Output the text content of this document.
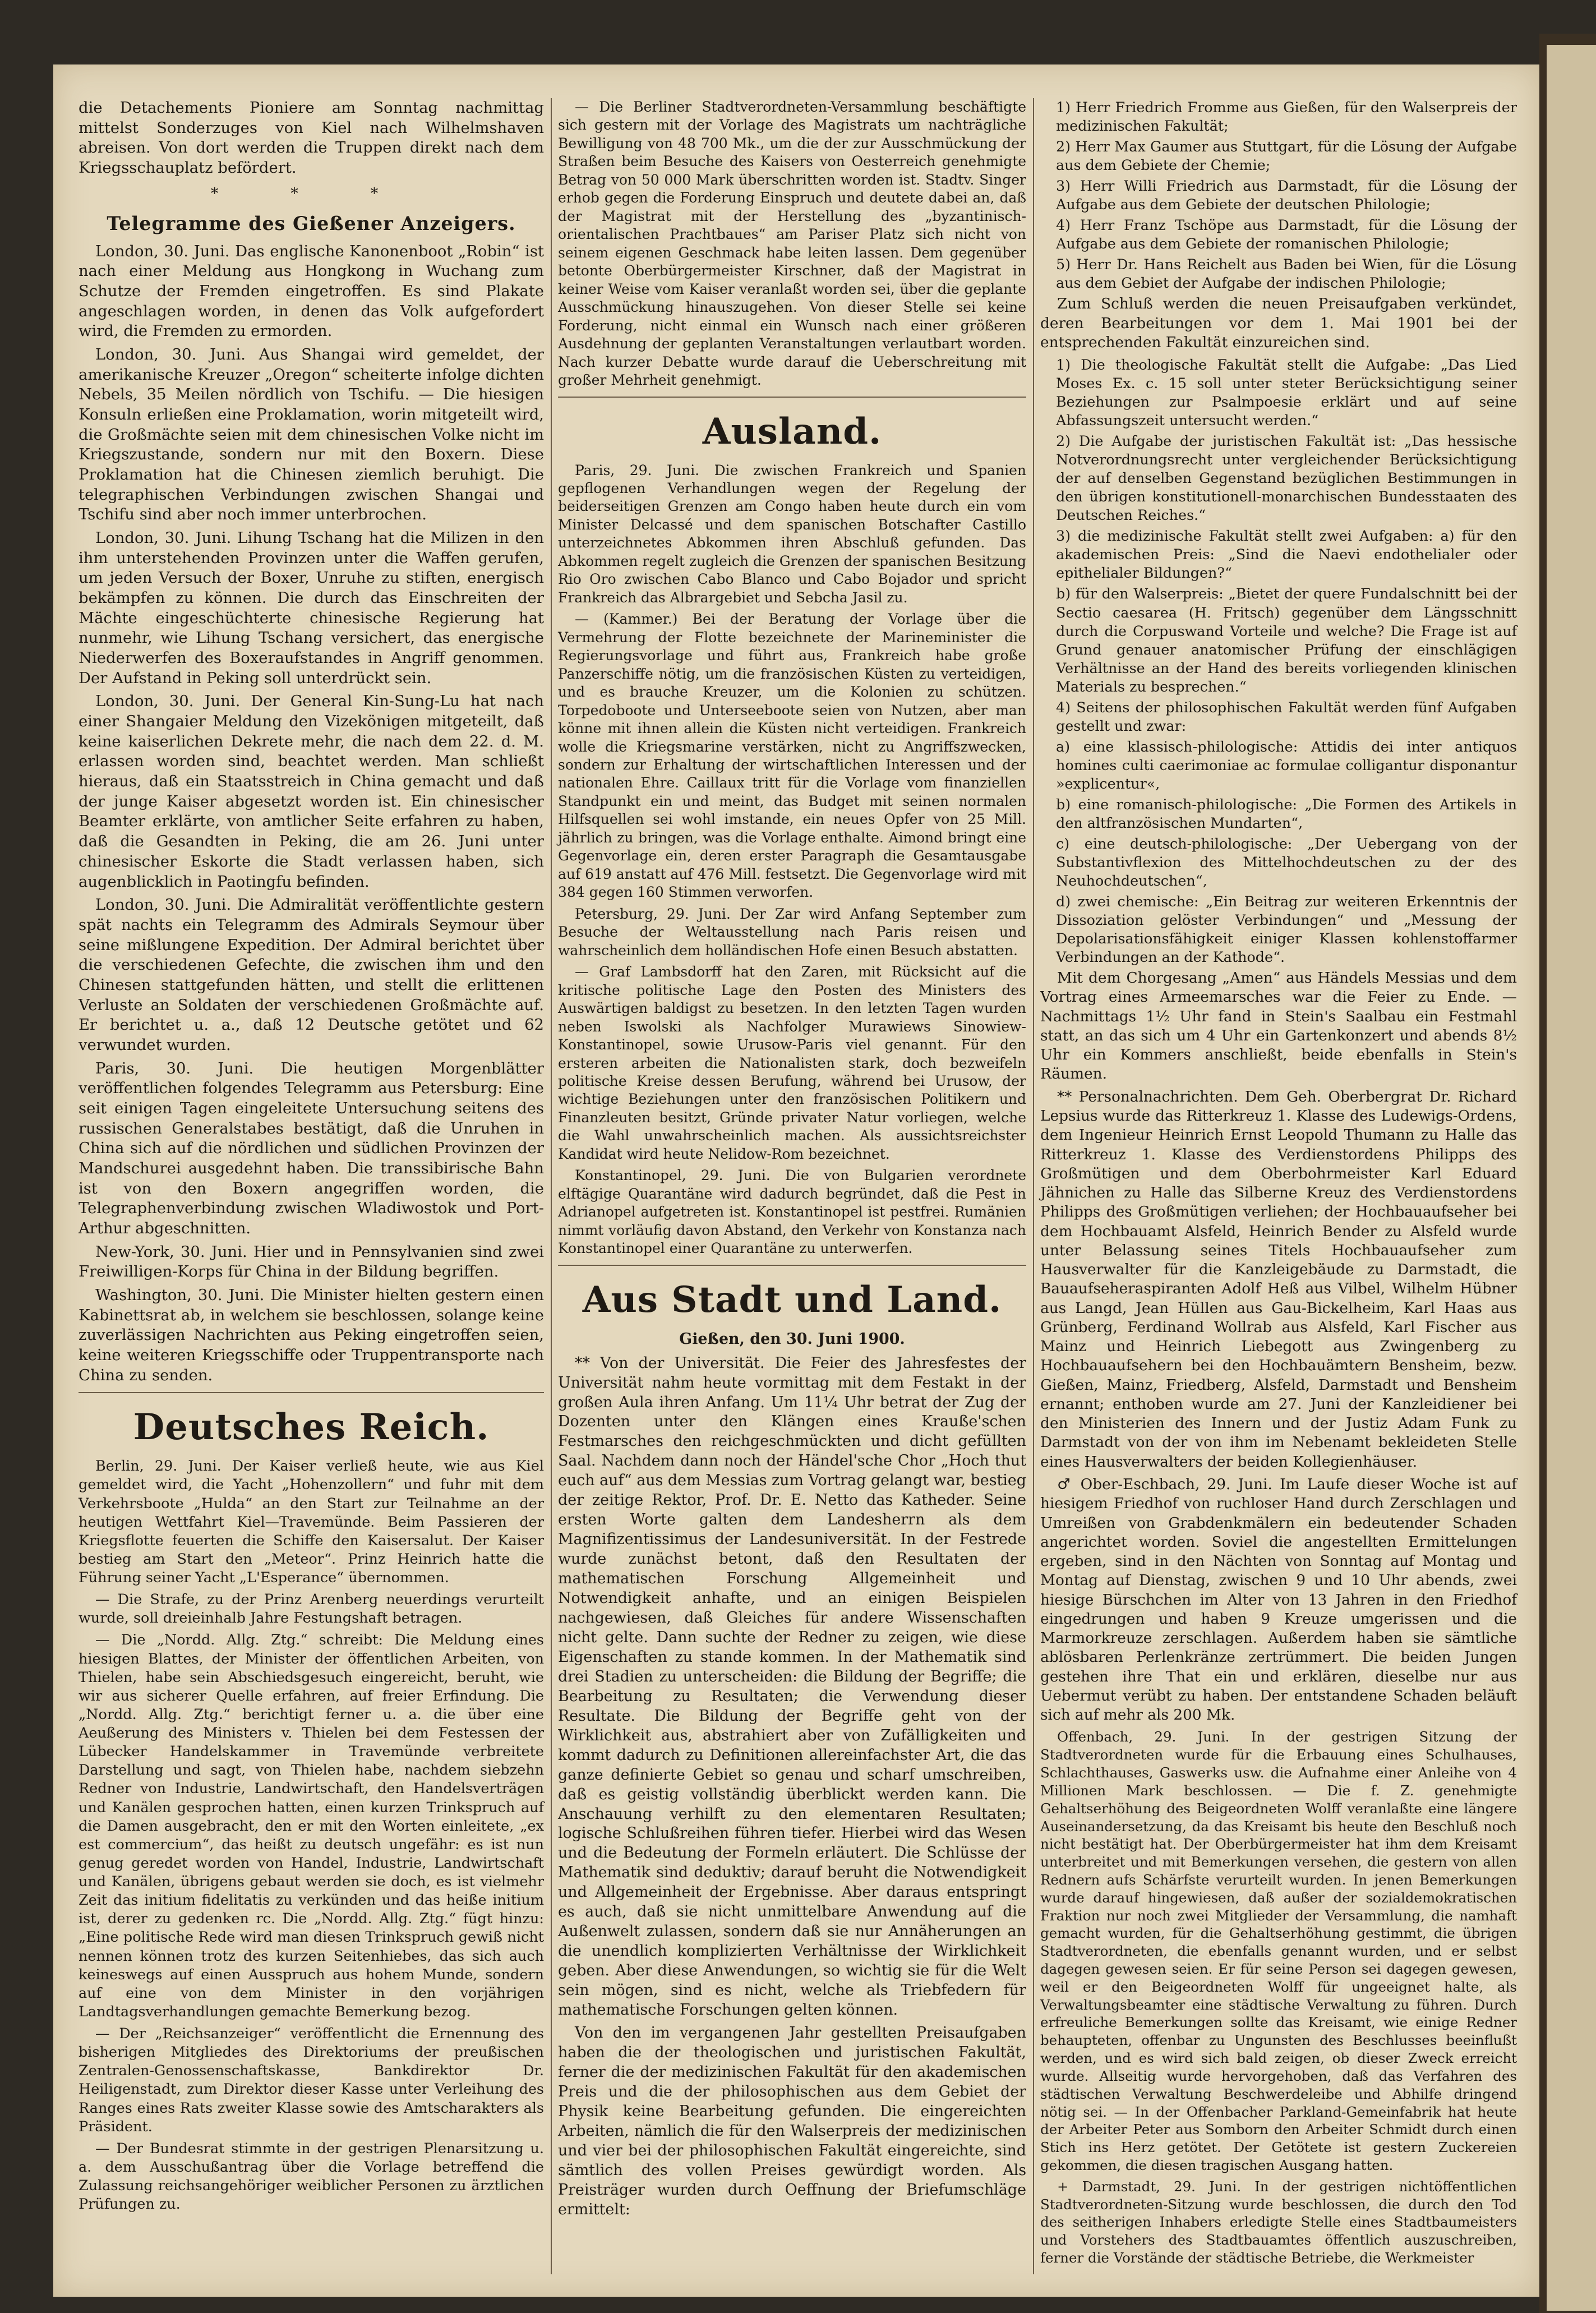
die Detachements Pioniere am Sonntag nachmittag mittelst Sonderzuges von Kiel nach Wilhelmshaven abreisen. Von dort werden die Truppen direkt nach dem Kriegsschauplatz befördert.

* * *
Telegramme des Gießener Anzeigers.

London, 30. Juni. Das englische Kanonenboot „Robin“ ist nach einer Meldung aus Hongkong in Wuchang zum Schutze der Fremden eingetroffen. Es sind Plakate angeschlagen worden, in denen das Volk aufgefordert wird, die Fremden zu ermorden.

London, 30. Juni. Aus Shangai wird gemeldet, der amerikanische Kreuzer „Oregon“ scheiterte infolge dichten Nebels, 35 Meilen nördlich von Tschifu. — Die hiesigen Konsuln erließen eine Proklamation, worin mitgeteilt wird, die Großmächte seien mit dem chinesischen Volke nicht im Kriegszustande, sondern nur mit den Boxern. Diese Proklamation hat die Chinesen ziemlich beruhigt. Die telegraphischen Verbindungen zwischen Shangai und Tschifu sind aber noch immer unterbrochen.

London, 30. Juni. Lihung Tschang hat die Milizen in den ihm unterstehenden Provinzen unter die Waffen gerufen, um jeden Versuch der Boxer, Unruhe zu stiften, energisch bekämpfen zu können. Die durch das Einschreiten der Mächte eingeschüchterte chinesische Regierung hat nunmehr, wie Lihung Tschang versichert, das energische Niederwerfen des Boxeraufstandes in Angriff genommen. Der Aufstand in Peking soll unterdrückt sein.

London, 30. Juni. Der General Kin-Sung-Lu hat nach einer Shangaier Meldung den Vizekönigen mitgeteilt, daß keine kaiserlichen Dekrete mehr, die nach dem 22. d. M. erlassen worden sind, beachtet werden. Man schließt hieraus, daß ein Staatsstreich in China gemacht und daß der junge Kaiser abgesetzt worden ist. Ein chinesischer Beamter erklärte, von amtlicher Seite erfahren zu haben, daß die Gesandten in Peking, die am 26. Juni unter chinesischer Eskorte die Stadt verlassen haben, sich augenblicklich in Paotingfu befinden.

London, 30. Juni. Die Admiralität veröffentlichte gestern spät nachts ein Telegramm des Admirals Seymour über seine mißlungene Expedition. Der Admiral berichtet über die verschiedenen Gefechte, die zwischen ihm und den Chinesen stattgefunden hätten, und stellt die erlittenen Verluste an Soldaten der verschiedenen Großmächte auf. Er berichtet u. a., daß 12 Deutsche getötet und 62 verwundet wurden.

Paris, 30. Juni. Die heutigen Morgenblätter veröffentlichen folgendes Telegramm aus Petersburg: Eine seit einigen Tagen eingeleitete Untersuchung seitens des russischen Generalstabes bestätigt, daß die Unruhen in China sich auf die nördlichen und südlichen Provinzen der Mandschurei ausgedehnt haben. Die transsibirische Bahn ist von den Boxern angegriffen worden, die Telegraphenverbindung zwischen Wladiwostok und Port-Arthur abgeschnitten.

New-York, 30. Juni. Hier und in Pennsylvanien sind zwei Freiwilligen-Korps für China in der Bildung begriffen.

Washington, 30. Juni. Die Minister hielten gestern einen Kabinettsrat ab, in welchem sie beschlossen, solange keine zuverlässigen Nachrichten aus Peking eingetroffen seien, keine weiteren Kriegsschiffe oder Truppentransporte nach China zu senden.

Deutsches Reich.

Berlin, 29. Juni. Der Kaiser verließ heute, wie aus Kiel gemeldet wird, die Yacht „Hohenzollern“ und fuhr mit dem Verkehrsboote „Hulda“ an den Start zur Teilnahme an der heutigen Wettfahrt Kiel—Travemünde. Beim Passieren der Kriegsflotte feuerten die Schiffe den Kaisersalut. Der Kaiser bestieg am Start den „Meteor“. Prinz Heinrich hatte die Führung seiner Yacht „L'Esperance“ übernommen.

— Die Strafe, zu der Prinz Arenberg neuerdings verurteilt wurde, soll dreieinhalb Jahre Festungshaft betragen.

— Die „Nordd. Allg. Ztg.“ schreibt: Die Meldung eines hiesigen Blattes, der Minister der öffentlichen Arbeiten, von Thielen, habe sein Abschiedsgesuch eingereicht, beruht, wie wir aus sicherer Quelle erfahren, auf freier Erfindung. Die „Nordd. Allg. Ztg.“ berichtigt ferner u. a. die über eine Aeußerung des Ministers v. Thielen bei dem Festessen der Lübecker Handelskammer in Travemünde verbreitete Darstellung und sagt, von Thielen habe, nachdem siebzehn Redner von Industrie, Landwirtschaft, den Handelsverträgen und Kanälen gesprochen hatten, einen kurzen Trinkspruch auf die Damen ausgebracht, den er mit den Worten einleitete, „ex est commercium“, das heißt zu deutsch ungefähr: es ist nun genug geredet worden von Handel, Industrie, Landwirtschaft und Kanälen, übrigens gebaut werden sie doch, es ist vielmehr Zeit das initium fidelitatis zu verkünden und das heiße initium ist, derer zu gedenken rc. Die „Nordd. Allg. Ztg.“ fügt hinzu: „Eine politische Rede wird man diesen Trinkspruch gewiß nicht nennen können trotz des kurzen Seitenhiebes, das sich auch keineswegs auf einen Ausspruch aus hohem Munde, sondern auf eine von dem Minister in den vorjährigen Landtagsverhandlungen gemachte Bemerkung bezog.

— Der „Reichsanzeiger“ veröffentlicht die Ernennung des bisherigen Mitgliedes des Direktoriums der preußischen Zentralen-Genossenschaftskasse, Bankdirektor Dr. Heiligenstadt, zum Direktor dieser Kasse unter Verleihung des Ranges eines Rats zweiter Klasse sowie des Amtscharakters als Präsident.

— Der Bundesrat stimmte in der gestrigen Plenarsitzung u. a. dem Ausschußantrag über die Vorlage betreffend die Zulassung reichsangehöriger weiblicher Personen zu ärztlichen Prüfungen zu.

— Die Berliner Stadtverordneten-Versammlung beschäftigte sich gestern mit der Vorlage des Magistrats um nachträgliche Bewilligung von 48 700 Mk., um die der zur Ausschmückung der Straßen beim Besuche des Kaisers von Oesterreich genehmigte Betrag von 50 000 Mark überschritten worden ist. Stadtv. Singer erhob gegen die Forderung Einspruch und deutete dabei an, daß der Magistrat mit der Herstellung des „byzantinisch-orientalischen Prachtbaues“ am Pariser Platz sich nicht von seinem eigenen Geschmack habe leiten lassen. Dem gegenüber betonte Oberbürgermeister Kirschner, daß der Magistrat in keiner Weise vom Kaiser veranlaßt worden sei, über die geplante Ausschmückung hinauszugehen. Von dieser Stelle sei keine Forderung, nicht einmal ein Wunsch nach einer größeren Ausdehnung der geplanten Veranstaltungen verlautbart worden. Nach kurzer Debatte wurde darauf die Ueberschreitung mit großer Mehrheit genehmigt.

Ausland.

Paris, 29. Juni. Die zwischen Frankreich und Spanien gepflogenen Verhandlungen wegen der Regelung der beiderseitigen Grenzen am Congo haben heute durch ein vom Minister Delcassé und dem spanischen Botschafter Castillo unterzeichnetes Abkommen ihren Abschluß gefunden. Das Abkommen regelt zugleich die Grenzen der spanischen Besitzung Rio Oro zwischen Cabo Blanco und Cabo Bojador und spricht Frankreich das Albrargebiet und Sebcha Jasil zu.

— (Kammer.) Bei der Beratung der Vorlage über die Vermehrung der Flotte bezeichnete der Marineminister die Regierungsvorlage und führt aus, Frankreich habe große Panzerschiffe nötig, um die französischen Küsten zu verteidigen, und es brauche Kreuzer, um die Kolonien zu schützen. Torpedoboote und Unterseeboote seien von Nutzen, aber man könne mit ihnen allein die Küsten nicht verteidigen. Frankreich wolle die Kriegsmarine verstärken, nicht zu Angriffszwecken, sondern zur Erhaltung der wirtschaftlichen Interessen und der nationalen Ehre. Caillaux tritt für die Vorlage vom finanziellen Standpunkt ein und meint, das Budget mit seinen normalen Hilfsquellen sei wohl imstande, ein neues Opfer von 25 Mill. jährlich zu bringen, was die Vorlage enthalte. Aimond bringt eine Gegenvorlage ein, deren erster Paragraph die Gesamtausgabe auf 619 anstatt auf 476 Mill. festsetzt. Die Gegenvorlage wird mit 384 gegen 160 Stimmen verworfen.

Petersburg, 29. Juni. Der Zar wird Anfang September zum Besuche der Weltausstellung nach Paris reisen und wahrscheinlich dem holländischen Hofe einen Besuch abstatten.

— Graf Lambsdorff hat den Zaren, mit Rücksicht auf die kritische politische Lage den Posten des Ministers des Auswärtigen baldigst zu besetzen. In den letzten Tagen wurden neben Iswolski als Nachfolger Murawiews Sinowiew-Konstantinopel, sowie Urusow-Paris viel genannt. Für den ersteren arbeiten die Nationalisten stark, doch bezweifeln politische Kreise dessen Berufung, während bei Urusow, der wichtige Beziehungen unter den französischen Politikern und Finanzleuten besitzt, Gründe privater Natur vorliegen, welche die Wahl unwahrscheinlich machen. Als aussichtsreichster Kandidat wird heute Nelidow-Rom bezeichnet.

Konstantinopel, 29. Juni. Die von Bulgarien verordnete elftägige Quarantäne wird dadurch begründet, daß die Pest in Adrianopel aufgetreten ist. Konstantinopel ist pestfrei. Rumänien nimmt vorläufig davon Abstand, den Verkehr von Konstanza nach Konstantinopel einer Quarantäne zu unterwerfen.

Aus Stadt und Land.
Gießen, den 30. Juni 1900.

** Von der Universität. Die Feier des Jahresfestes der Universität nahm heute vormittag mit dem Festakt in der großen Aula ihren Anfang. Um 11¼ Uhr betrat der Zug der Dozenten unter den Klängen eines Krauße'schen Festmarsches den reichgeschmückten und dicht gefüllten Saal. Nachdem dann noch der Händel'sche Chor „Hoch thut euch auf“ aus dem Messias zum Vortrag gelangt war, bestieg der zeitige Rektor, Prof. Dr. E. Netto das Katheder. Seine ersten Worte galten dem Landesherrn als dem Magnifizentissimus der Landesuniversität. In der Festrede wurde zunächst betont, daß den Resultaten der mathematischen Forschung Allgemeinheit und Notwendigkeit anhafte, und an einigen Beispielen nachgewiesen, daß Gleiches für andere Wissenschaften nicht gelte. Dann suchte der Redner zu zeigen, wie diese Eigenschaften zu stande kommen. In der Mathematik sind drei Stadien zu unterscheiden: die Bildung der Begriffe; die Bearbeitung zu Resultaten; die Verwendung dieser Resultate. Die Bildung der Begriffe geht von der Wirklichkeit aus, abstrahiert aber von Zufälligkeiten und kommt dadurch zu Definitionen allereinfachster Art, die das ganze definierte Gebiet so genau und scharf umschreiben, daß es geistig vollständig überblickt werden kann. Die Anschauung verhilft zu den elementaren Resultaten; logische Schlußreihen führen tiefer. Hierbei wird das Wesen und die Bedeutung der Formeln erläutert. Die Schlüsse der Mathematik sind deduktiv; darauf beruht die Notwendigkeit und Allgemeinheit der Ergebnisse. Aber daraus entspringt es auch, daß sie nicht unmittelbare Anwendung auf die Außenwelt zulassen, sondern daß sie nur Annäherungen an die unendlich komplizierten Verhältnisse der Wirklichkeit geben. Aber diese Anwendungen, so wichtig sie für die Welt sein mögen, sind es nicht, welche als Triebfedern für mathematische Forschungen gelten können.

Von den im vergangenen Jahr gestellten Preisaufgaben haben die der theologischen und juristischen Fakultät, ferner die der medizinischen Fakultät für den akademischen Preis und die der philosophischen aus dem Gebiet der Physik keine Bearbeitung gefunden. Die eingereichten Arbeiten, nämlich die für den Walserpreis der medizinischen und vier bei der philosophischen Fakultät eingereichte, sind sämtlich des vollen Preises gewürdigt worden. Als Preisträger wurden durch Oeffnung der Briefumschläge ermittelt:

1) Herr Friedrich Fromme aus Gießen, für den Walserpreis der medizinischen Fakultät;

2) Herr Max Gaumer aus Stuttgart, für die Lösung der Aufgabe aus dem Gebiete der Chemie;

3) Herr Willi Friedrich aus Darmstadt, für die Lösung der Aufgabe aus dem Gebiete der deutschen Philologie;

4) Herr Franz Tschöpe aus Darmstadt, für die Lösung der Aufgabe aus dem Gebiete der romanischen Philologie;

5) Herr Dr. Hans Reichelt aus Baden bei Wien, für die Lösung aus dem Gebiet der Aufgabe der indischen Philologie;

Zum Schluß werden die neuen Preisaufgaben verkündet, deren Bearbeitungen vor dem 1. Mai 1901 bei der entsprechenden Fakultät einzureichen sind.

1) Die theologische Fakultät stellt die Aufgabe: „Das Lied Moses Ex. c. 15 soll unter steter Berücksichtigung seiner Beziehungen zur Psalmpoesie erklärt und auf seine Abfassungszeit untersucht werden.“

2) Die Aufgabe der juristischen Fakultät ist: „Das hessische Notverordnungsrecht unter vergleichender Berücksichtigung der auf denselben Gegenstand bezüglichen Bestimmungen in den übrigen konstitutionell-monarchischen Bundesstaaten des Deutschen Reiches.“

3) die medizinische Fakultät stellt zwei Aufgaben: a) für den akademischen Preis: „Sind die Naevi endothelialer oder epithelialer Bildungen?“

b) für den Walserpreis: „Bietet der quere Fundalschnitt bei der Sectio caesarea (H. Fritsch) gegenüber dem Längsschnitt durch die Corpuswand Vorteile und welche? Die Frage ist auf Grund genauer anatomischer Prüfung der einschlägigen Verhältnisse an der Hand des bereits vorliegenden klinischen Materials zu besprechen.“

4) Seitens der philosophischen Fakultät werden fünf Aufgaben gestellt und zwar:

a) eine klassisch-philologische: Attidis dei inter antiquos homines culti caerimoniae ac formulae colligantur disponantur »explicentur«,

b) eine romanisch-philologische: „Die Formen des Artikels in den altfranzösischen Mundarten“,

c) eine deutsch-philologische: „Der Uebergang von der Substantivflexion des Mittelhochdeutschen zu der des Neuhochdeutschen“,

d) zwei chemische: „Ein Beitrag zur weiteren Erkenntnis der Dissoziation gelöster Verbindungen“ und „Messung der Depolarisationsfähigkeit einiger Klassen kohlenstoffarmer Verbindungen an der Kathode“.

Mit dem Chorgesang „Amen“ aus Händels Messias und dem Vortrag eines Armeemarsches war die Feier zu Ende. — Nachmittags 1½ Uhr fand in Stein's Saalbau ein Festmahl statt, an das sich um 4 Uhr ein Gartenkonzert und abends 8½ Uhr ein Kommers anschließt, beide ebenfalls in Stein's Räumen.

** Personalnachrichten. Dem Geh. Oberbergrat Dr. Richard Lepsius wurde das Ritterkreuz 1. Klasse des Ludewigs-Ordens, dem Ingenieur Heinrich Ernst Leopold Thumann zu Halle das Ritterkreuz 1. Klasse des Verdienstordens Philipps des Großmütigen und dem Oberbohrmeister Karl Eduard Jähnichen zu Halle das Silberne Kreuz des Verdienstordens Philipps des Großmütigen verliehen; der Hochbauaufseher bei dem Hochbauamt Alsfeld, Heinrich Bender zu Alsfeld wurde unter Belassung seines Titels Hochbauaufseher zum Hausverwalter für die Kanzleigebäude zu Darmstadt, die Bauaufseheraspiranten Adolf Heß aus Vilbel, Wilhelm Hübner aus Langd, Jean Hüllen aus Gau-Bickelheim, Karl Haas aus Grünberg, Ferdinand Wollrab aus Alsfeld, Karl Fischer aus Mainz und Heinrich Liebegott aus Zwingenberg zu Hochbauaufsehern bei den Hochbauämtern Bensheim, bezw. Gießen, Mainz, Friedberg, Alsfeld, Darmstadt und Bensheim ernannt; enthoben wurde am 27. Juni der Kanzleidiener bei den Ministerien des Innern und der Justiz Adam Funk zu Darmstadt von der von ihm im Nebenamt bekleideten Stelle eines Hausverwalters der beiden Kollegienhäuser.

♂ Ober-Eschbach, 29. Juni. Im Laufe dieser Woche ist auf hiesigem Friedhof von ruchloser Hand durch Zerschlagen und Umreißen von Grabdenkmälern ein bedeutender Schaden angerichtet worden. Soviel die angestellten Ermittelungen ergeben, sind in den Nächten von Sonntag auf Montag und Montag auf Dienstag, zwischen 9 und 10 Uhr abends, zwei hiesige Bürschchen im Alter von 13 Jahren in den Friedhof eingedrungen und haben 9 Kreuze umgerissen und die Marmorkreuze zerschlagen. Außerdem haben sie sämtliche ablösbaren Perlenkränze zertrümmert. Die beiden Jungen gestehen ihre That ein und erklären, dieselbe nur aus Uebermut verübt zu haben. Der entstandene Schaden beläuft sich auf mehr als 200 Mk.

Offenbach, 29. Juni. In der gestrigen Sitzung der Stadtverordneten wurde für die Erbauung eines Schulhauses, Schlachthauses, Gaswerks usw. die Aufnahme einer Anleihe von 4 Millionen Mark beschlossen. — Die f. Z. genehmigte Gehaltserhöhung des Beigeordneten Wolff veranlaßte eine längere Auseinandersetzung, da das Kreisamt bis heute den Beschluß noch nicht bestätigt hat. Der Oberbürgermeister hat ihm dem Kreisamt unterbreitet und mit Bemerkungen versehen, die gestern von allen Rednern aufs Schärfste verurteilt wurden. In jenen Bemerkungen wurde darauf hingewiesen, daß außer der sozialdemokratischen Fraktion nur noch zwei Mitglieder der Versammlung, die namhaft gemacht wurden, für die Gehaltserhöhung gestimmt, die übrigen Stadtverordneten, die ebenfalls genannt wurden, und er selbst dagegen gewesen seien. Er für seine Person sei dagegen gewesen, weil er den Beigeordneten Wolff für ungeeignet halte, als Verwaltungsbeamter eine städtische Verwaltung zu führen. Durch erfreuliche Bemerkungen sollte das Kreisamt, wie einige Redner behaupteten, offenbar zu Ungunsten des Beschlusses beeinflußt werden, und es wird sich bald zeigen, ob dieser Zweck erreicht wurde. Allseitig wurde hervorgehoben, daß das Verfahren des städtischen Verwaltung Beschwerdeleibe und Abhilfe dringend nötig sei. — In der Offenbacher Parkland-Gemeinfabrik hat heute der Arbeiter Peter aus Somborn den Arbeiter Schmidt durch einen Stich ins Herz getötet. Der Getötete ist gestern Zuckereien gekommen, die diesen tragischen Ausgang hatten.

+ Darmstadt, 29. Juni. In der gestrigen nichtöffentlichen Stadtverordneten-Sitzung wurde beschlossen, die durch den Tod des seitherigen Inhabers erledigte Stelle eines Stadtbaumeisters und Vorstehers des Stadtbauamtes öffentlich auszuschreiben, ferner die Vorstände der städtische Betriebe, die Werkmeister
